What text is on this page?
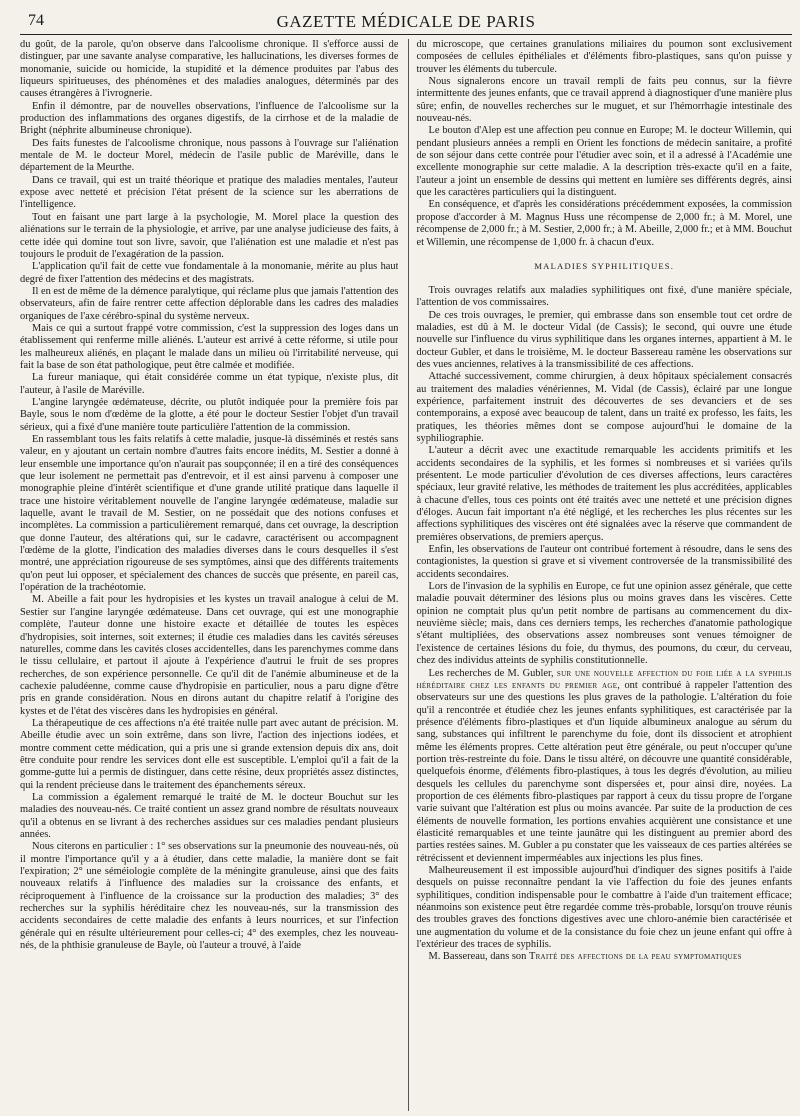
74	GAZETTE MÉDICALE DE PARIS

du goût, de la parole, qu'on observe dans l'alcoolisme chronique. Il s'efforce aussi de distinguer, par une savante analyse comparative, les hallucinations, les diverses formes de monomanie, suicide ou homicide, la stupidité et la démence produites par l'abus des liqueurs spiritueuses, des phénomènes et des maladies analogues, déterminés par des causes étrangères à l'ivrognerie.

Enfin il démontre, par de nouvelles observations, l'influence de l'alcoolisme sur la production des inflammations des organes digestifs, de la cirrhose et de la maladie de Bright (néphrite albumineuse chronique).

Des faits funestes de l'alcoolisme chronique, nous passons à l'ouvrage sur l'aliénation mentale de M. le docteur Morel, médecin de l'asile public de Maréville, dans le département de la Meurthe.

Dans ce travail, qui est un traité théorique et pratique des maladies mentales, l'auteur expose avec netteté et précision l'état présent de la science sur les aberrations de l'intelligence.

Tout en faisant une part large à la psychologie, M. Morel place la question des aliénations sur le terrain de la physiologie, et arrive, par une analyse judicieuse des faits, à cette idée qui domine tout son livre, savoir, que l'aliénation est une maladie et n'est pas toujours le produit de l'exagération de la passion.

L'application qu'il fait de cette vue fondamentale à la monomanie, mérite au plus haut degré de fixer l'attention des médecins et des magistrats.

Il en est de même de la démence paralytique, qui réclame plus que jamais l'attention des observateurs, afin de faire rentrer cette affection déplorable dans les cadres des maladies organiques de l'axe cérébro-spinal du système nerveux.

Mais ce qui a surtout frappé votre commission, c'est la suppression des loges dans un établissement qui renferme mille aliénés. L'auteur est arrivé à cette réforme, si utile pour les malheureux aliénés, en plaçant le malade dans un milieu où l'irritabilité nerveuse, qui fait la base de son état pathologique, peut être calmée et modifiée.

La fureur maniaque, qui était considérée comme un état typique, n'existe plus, dit l'auteur, à l'asile de Maréville.

L'angine laryngée œdémateuse, décrite, ou plutôt indiquée pour la première fois par Bayle, sous le nom d'œdème de la glotte, a été pour le docteur Sestier l'objet d'un travail sérieux, qui a fixé d'une manière toute particulière l'attention de la commission.

En rassemblant tous les faits relatifs à cette maladie, jusque-là disséminés et restés sans valeur, en y ajoutant un certain nombre d'autres faits encore inédits, M. Sestier a donné à leur ensemble une importance qu'on n'aurait pas soupçonnée; il en a tiré des conséquences que leur isolement ne permettait pas d'entrevoir, et il est ainsi parvenu à composer une monographie pleine d'intérêt scientifique et d'une grande utilité pratique dans laquelle il trace une histoire véritablement nouvelle de l'angine laryngée œdémateuse, maladie sur laquelle, avant le travail de M. Sestier, on ne possédait que des notions confuses et incomplètes. La commission a particulièrement remarqué, dans cet ouvrage, la description que donne l'auteur, des altérations qui, sur le cadavre, caractérisent ou accompagnent l'œdème de la glotte, l'indication des maladies diverses dans le cours desquelles il s'est montré, une appréciation rigoureuse de ses symptômes, ainsi que des différents traitements qu'on peut lui opposer, et spécialement des chances de succès que présente, en pareil cas, l'opération de la trachéotomie.

M. Abeille a fait pour les hydropisies et les kystes un travail analogue à celui de M. Sestier sur l'angine laryngée œdémateuse. Dans cet ouvrage, qui est une monographie complète, l'auteur donne une histoire exacte et détaillée de toutes les espèces d'hydropisies, soit internes, soit externes; il étudie ces maladies dans les cavités séreuses naturelles, comme dans les cavités closes accidentelles, dans les parenchymes comme dans le tissu cellulaire, et partout il ajoute à l'expérience d'autrui le fruit de ses propres recherches, de son expérience personnelle. Ce qu'il dit de l'anémie albumineuse et de la cachexie paludéenne, comme cause d'hydropisie en particulier, nous a paru digne d'être pris en grande considération. Nous en dirons autant du chapitre relatif à l'origine des kystes et de l'état des viscères dans les hydropisies en général.

La thérapeutique de ces affections n'a été traitée nulle part avec autant de précision. M. Abeille étudie avec un soin extrême, dans son livre, l'action des injections iodées, et montre comment cette médication, qui a pris une si grande extension depuis dix ans, doit être conduite pour rendre les services dont elle est susceptible. L'emploi qu'il a fait de la gomme-gutte lui a permis de distinguer, dans cette résine, deux propriétés assez distinctes, qui la rendent précieuse dans le traitement des épanchements séreux.

La commission a également remarqué le traité de M. le docteur Bouchut sur les maladies des nouveau-nés. Ce traité contient un assez grand nombre de résultats nouveaux qu'il a obtenus en se livrant à des recherches assidues sur ces maladies pendant plusieurs années.

Nous citerons en particulier : 1° ses observations sur la pneumonie des nouveau-nés, où il montre l'importance qu'il y a à étudier, dans cette maladie, la manière dont se fait l'expiration; 2° une séméiologie complète de la méningite granuleuse, ainsi que des faits nouveaux relatifs à l'influence des maladies sur la croissance des enfants, et réciproquement à l'influence de la croissance sur la production des maladies; 3° des recherches sur la syphilis héréditaire chez les nouveau-nés, sur la transmission des accidents secondaires de cette maladie des enfants à leurs nourrices, et sur l'infection générale qui en résulte ultérieurement pour celles-ci; 4° des exemples, chez les nouveau-nés, de la phthisie granuleuse de Bayle, où l'auteur a trouvé, à l'aide

du microscope, que certaines granulations miliaires du poumon sont exclusivement composées de cellules épithéliales et d'éléments fibro-plastiques, sans qu'on puisse y trouver les éléments du tubercule.

Nous signalerons encore un travail rempli de faits peu connus, sur la fièvre intermittente des jeunes enfants, que ce travail apprend à diagnostiquer d'une manière plus sûre; enfin, de nouvelles recherches sur le muguet, et sur l'hémorrhagie intestinale des nouveau-nés.

Le bouton d'Alep est une affection peu connue en Europe; M. le docteur Willemin, qui pendant plusieurs années a rempli en Orient les fonctions de médecin sanitaire, a profité de son séjour dans cette contrée pour l'étudier avec soin, et il a adressé à l'Académie une excellente monographie sur cette maladie. A la description très-exacte qu'il en a faite, l'auteur a joint un ensemble de dessins qui mettent en lumière ses différents degrés, ainsi que les caractères particuliers qui la distinguent.

En conséquence, et d'après les considérations précédemment exposées, la commission propose d'accorder à M. Magnus Huss une récompense de 2,000 fr.; à M. Morel, une récompense de 2,000 fr.; à M. Sestier, 2,000 fr.; à M. Abeille, 2,000 fr.; et à MM. Bouchut et Willemin, une récompense de 1,000 fr. à chacun d'eux.

MALADIES SYPHILITIQUES.

Trois ouvrages relatifs aux maladies syphilitiques ont fixé, d'une manière spéciale, l'attention de vos commissaires.

De ces trois ouvrages, le premier, qui embrasse dans son ensemble tout cet ordre de maladies, est dû à M. le docteur Vidal (de Cassis); le second, qui ouvre une étude nouvelle sur l'influence du virus syphilitique dans les organes internes, appartient à M. le docteur Gubler, et dans le troisième, M. le docteur Bassereau ramène les observations sur des vues anciennes, relatives à la transmissibilité de ces affections.

Attaché successivement, comme chirurgien, à deux hôpitaux spécialement consacrés au traitement des maladies vénériennes, M. Vidal (de Cassis), éclairé par une longue expérience, parfaitement instruit des découvertes de ses devanciers et de ses contemporains, a exposé avec beaucoup de talent, dans un traité ex professo, les faits, les pratiques, les théories mêmes dont se compose aujourd'hui le domaine de la syphiliographie.

L'auteur a décrit avec une exactitude remarquable les accidents primitifs et les accidents secondaires de la syphilis, et les formes si nombreuses et si variées qu'ils présentent. Le mode particulier d'évolution de ces diverses affections, leurs caractères spéciaux, leur gravité relative, les méthodes de traitement les plus accréditées, applicables à chacune d'elles, tous ces points ont été traités avec une netteté et une précision dignes d'éloges. Aucun fait important n'a été négligé, et les recherches les plus récentes sur les affections syphilitiques des viscères ont été signalées avec la réserve que commandent de premières observations, de premiers aperçus.

Enfin, les observations de l'auteur ont contribué fortement à résoudre, dans le sens des contagionistes, la question si grave et si vivement controversée de la transmissibilité des accidents secondaires.

Lors de l'invasion de la syphilis en Europe, ce fut une opinion assez générale, que cette maladie pouvait déterminer des lésions plus ou moins graves dans les viscères. Cette opinion ne comptait plus qu'un petit nombre de partisans au commencement du dix-neuvième siècle; mais, dans ces derniers temps, les recherches d'anatomie pathologique s'étant multipliées, des observations assez nombreuses sont venues témoigner de l'existence de certaines lésions du foie, du thymus, des poumons, du cœur, du cerveau, chez des individus atteints de syphilis constitutionnelle.

Les recherches de M. Gubler, sur une nouvelle affection du foie liée a la syphilis héréditaire chez les enfants du premier age, ont contribué à rappeler l'attention des observateurs sur une des questions les plus graves de la pathologie. L'altération du foie qu'il a rencontrée et étudiée chez les jeunes enfants syphilitiques, est caractérisée par la présence d'éléments fibro-plastiques et d'un liquide albumineux analogue au sérum du sang, substances qui infiltrent le parenchyme du foie, dont ils dissocient et atrophient même les éléments propres. Cette altération peut être générale, ou peut n'occuper qu'une portion très-restreinte du foie. Dans le tissu altéré, on découvre une quantité considérable, quelquefois énorme, d'éléments fibro-plastiques, à tous les degrés d'évolution, au milieu desquels les cellules du parenchyme sont dispersées et, pour ainsi dire, noyées. La proportion de ces éléments fibro-plastiques par rapport à ceux du tissu propre de l'organe varie suivant que l'altération est plus ou moins avancée. Par suite de la production de ces éléments de nouvelle formation, les portions envahies acquièrent une consistance et une élasticité remarquables et une teinte jaunâtre qui les distinguent au premier abord des parties restées saines. M. Gubler a pu constater que les vaisseaux de ces parties altérées se rétrécissent et deviennent imperméables aux injections les plus fines.

Malheureusement il est impossible aujourd'hui d'indiquer des signes positifs à l'aide desquels on puisse reconnaître pendant la vie l'affection du foie des jeunes enfants syphilitiques, condition indispensable pour le combattre à l'aide d'un traitement efficace; néanmoins son existence peut être regardée comme très-probable, lorsqu'on trouve réunis des troubles graves des fonctions digestives avec une chloro-anémie bien caractérisée et une augmentation du volume et de la consistance du foie chez un jeune enfant qui offre à l'extérieur des traces de syphilis.

M. Bassereau, dans son Traité des affections de la peau symptomatiques
